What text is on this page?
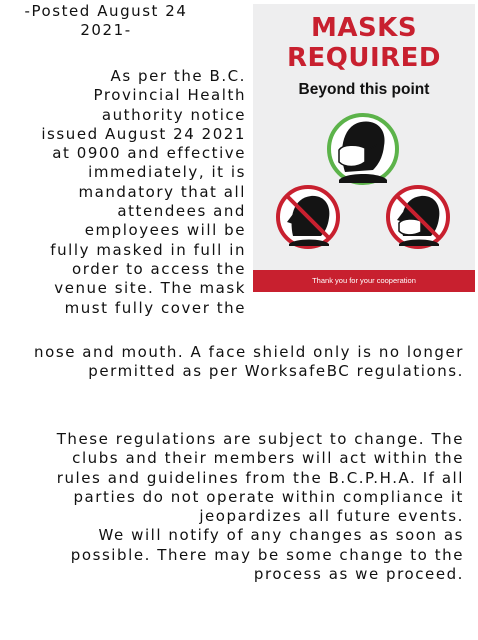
-Posted August 24
2021-
As per the B.C.
Provincial Health
authority notice
issued August 24 2021
at 0900 and effective
immediately, it is
mandatory that all
attendees and
employees will be
fully masked in full in
order to access the
venue site. The mask
must fully cover the
nose and mouth. A face shield only is no longer
permitted as per WorksafeBC regulations.
These regulations are subject to change. The
clubs and their members will act within the
rules and guidelines from the B.C.P.H.A. If all
parties do not operate within compliance it
jeopardizes all future events.
We will notify of any changes as soon as
possible. There may be some change to the
process as we proceed.
MASKS
REQUIRED
Beyond this point
Thank you for your cooperation
